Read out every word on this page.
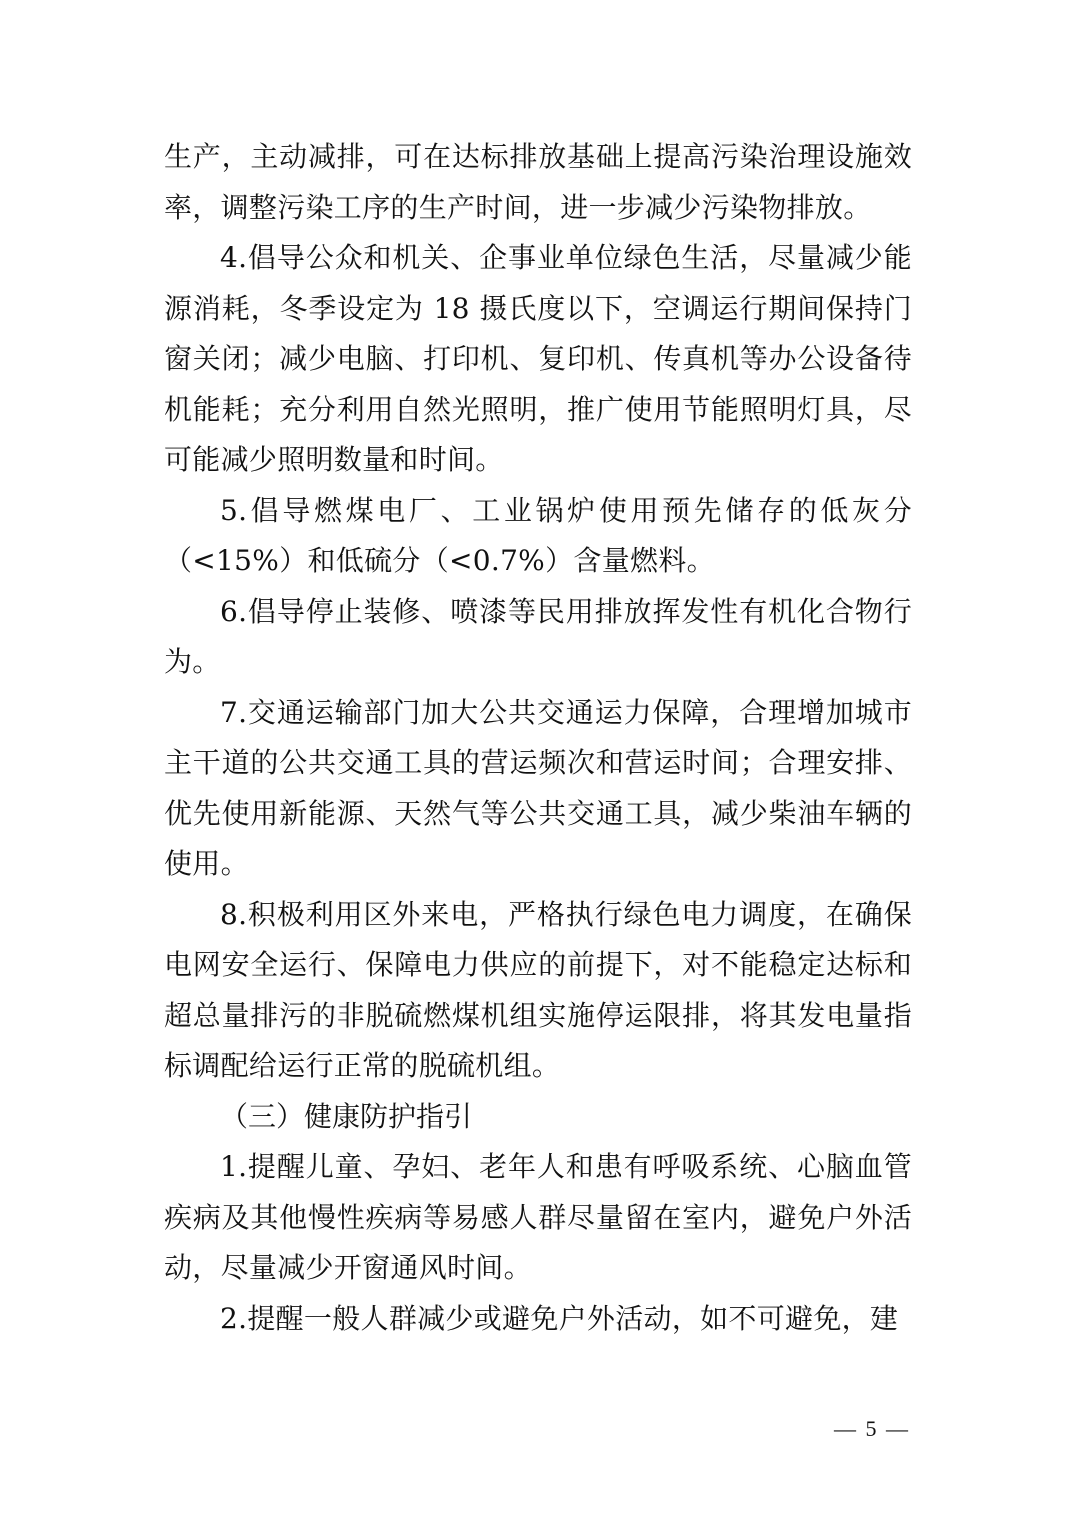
生产，主动减排，可在达标排放基础上提高污染治理设施效率，调整污染工序的生产时间，进一步减少污染物排放。

4.倡导公众和机关、企事业单位绿色生活，尽量减少能源消耗，冬季设定为 18 摄氏度以下，空调运行期间保持门窗关闭；减少电脑、打印机、复印机、传真机等办公设备待机能耗；充分利用自然光照明，推广使用节能照明灯具，尽可能减少照明数量和时间。

5.倡导燃煤电厂、工业锅炉使用预先储存的低灰分（<15%）和低硫分（<0.7%）含量燃料。

6.倡导停止装修、喷漆等民用排放挥发性有机化合物行为。

7.交通运输部门加大公共交通运力保障，合理增加城市主干道的公共交通工具的营运频次和营运时间；合理安排、优先使用新能源、天然气等公共交通工具，减少柴油车辆的使用。

8.积极利用区外来电，严格执行绿色电力调度，在确保电网安全运行、保障电力供应的前提下，对不能稳定达标和超总量排污的非脱硫燃煤机组实施停运限排，将其发电量指标调配给运行正常的脱硫机组。

（三）健康防护指引

1.提醒儿童、孕妇、老年人和患有呼吸系统、心脑血管疾病及其他慢性疾病等易感人群尽量留在室内，避免户外活动，尽量减少开窗通风时间。

2.提醒一般人群减少或避免户外活动，如不可避免，建

— 5 —
